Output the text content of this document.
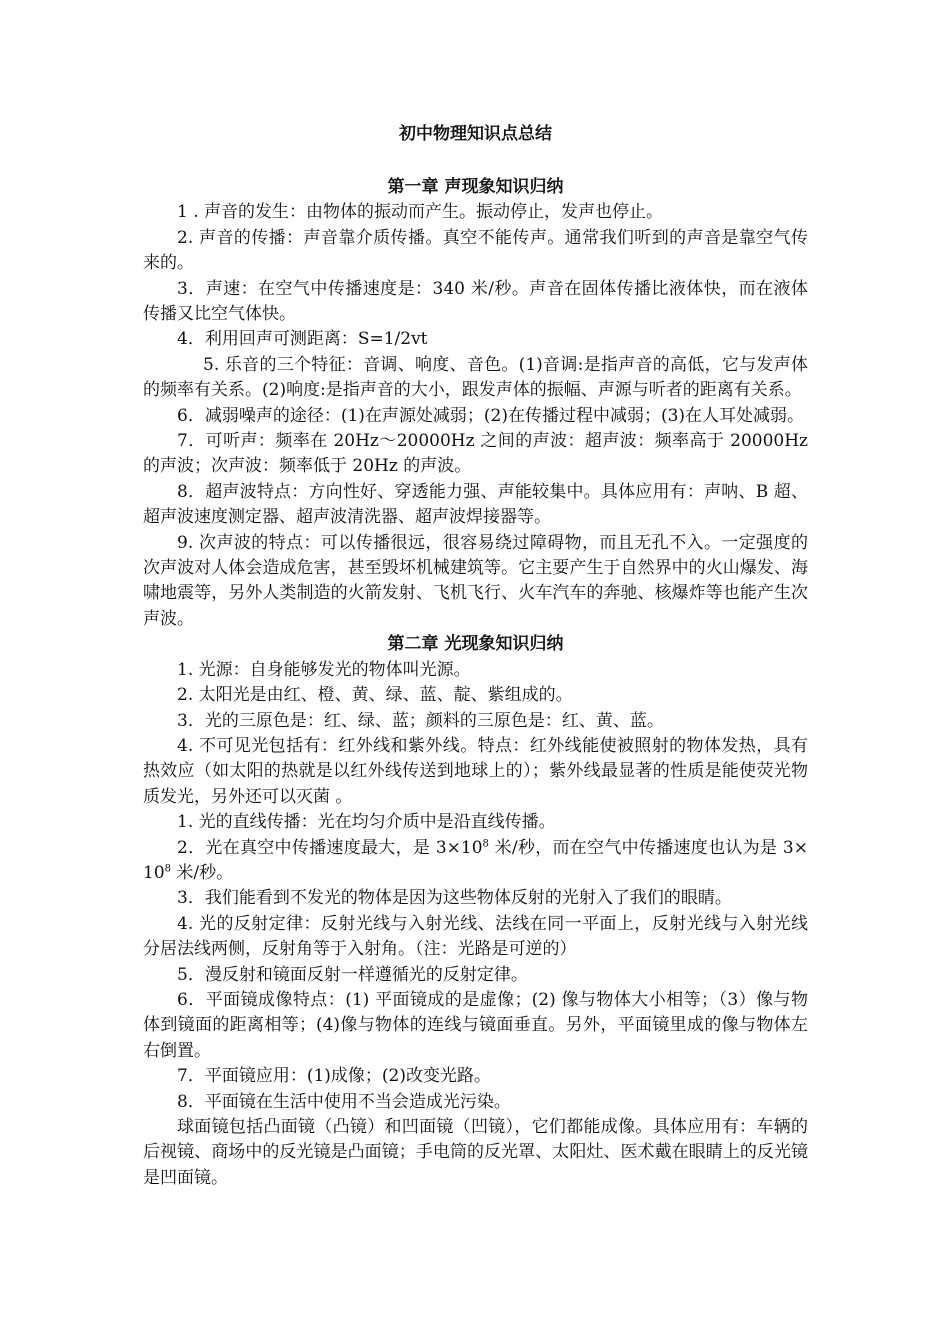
初中物理知识点总结
第一章 声现象知识归纳

1 . 声音的发生：由物体的振动而产生。振动停止，发声也停止。

2. 声音的传播：声音靠介质传播。真空不能传声。通常我们听到的声音是靠空气传来的。

3．声速：在空气中传播速度是：340 米/秒。声音在固体传播比液体快，而在液体传播又比空气体快。

4．利用回声可测距离：S=1/2vt

5. 乐音的三个特征：音调、响度、音色。(1)音调:是指声音的高低，它与发声体的频率有关系。(2)响度:是指声音的大小，跟发声体的振幅、声源与听者的距离有关系。

6．减弱噪声的途径：(1)在声源处减弱；(2)在传播过程中减弱；(3)在人耳处减弱。

7．可听声：频率在 20Hz～20000Hz 之间的声波：超声波：频率高于 20000Hz 的声波；次声波：频率低于 20Hz 的声波。

8．超声波特点：方向性好、穿透能力强、声能较集中。具体应用有：声呐、B 超、超声波速度测定器、超声波清洗器、超声波焊接器等。

9. 次声波的特点：可以传播很远，很容易绕过障碍物，而且无孔不入。一定强度的次声波对人体会造成危害，甚至毁坏机械建筑等。它主要产生于自然界中的火山爆发、海啸地震等，另外人类制造的火箭发射、飞机飞行、火车汽车的奔驰、核爆炸等也能产生次声波。

第二章 光现象知识归纳

1. 光源：自身能够发光的物体叫光源。

2. 太阳光是由红、橙、黄、绿、蓝、靛、紫组成的。

3．光的三原色是：红、绿、蓝；颜料的三原色是：红、黄、蓝。

4. 不可见光包括有：红外线和紫外线。特点：红外线能使被照射的物体发热，具有热效应（如太阳的热就是以红外线传送到地球上的）；紫外线最显著的性质是能使荧光物质发光，另外还可以灭菌 。

1. 光的直线传播：光在均匀介质中是沿直线传播。

2．光在真空中传播速度最大，是 $3\times 10^8$ 米/秒，而在空气中传播速度也认为是 $3\times 10^8$ 米/秒。

3．我们能看到不发光的物体是因为这些物体反射的光射入了我们的眼睛。

4. 光的反射定律：反射光线与入射光线、法线在同一平面上，反射光线与入射光线分居法线两侧，反射角等于入射角。（注：光路是可逆的）

5．漫反射和镜面反射一样遵循光的反射定律。

6．平面镜成像特点：(1) 平面镜成的是虚像；(2) 像与物体大小相等；（3）像与物体到镜面的距离相等；(4)像与物体的连线与镜面垂直。另外，平面镜里成的像与物体左右倒置。

7．平面镜应用：(1)成像；(2)改变光路。

8．平面镜在生活中使用不当会造成光污染。

球面镜包括凸面镜（凸镜）和凹面镜（凹镜），它们都能成像。具体应用有：车辆的后视镜、商场中的反光镜是凸面镜；手电筒的反光罩、太阳灶、医术戴在眼睛上的反光镜是凹面镜。
